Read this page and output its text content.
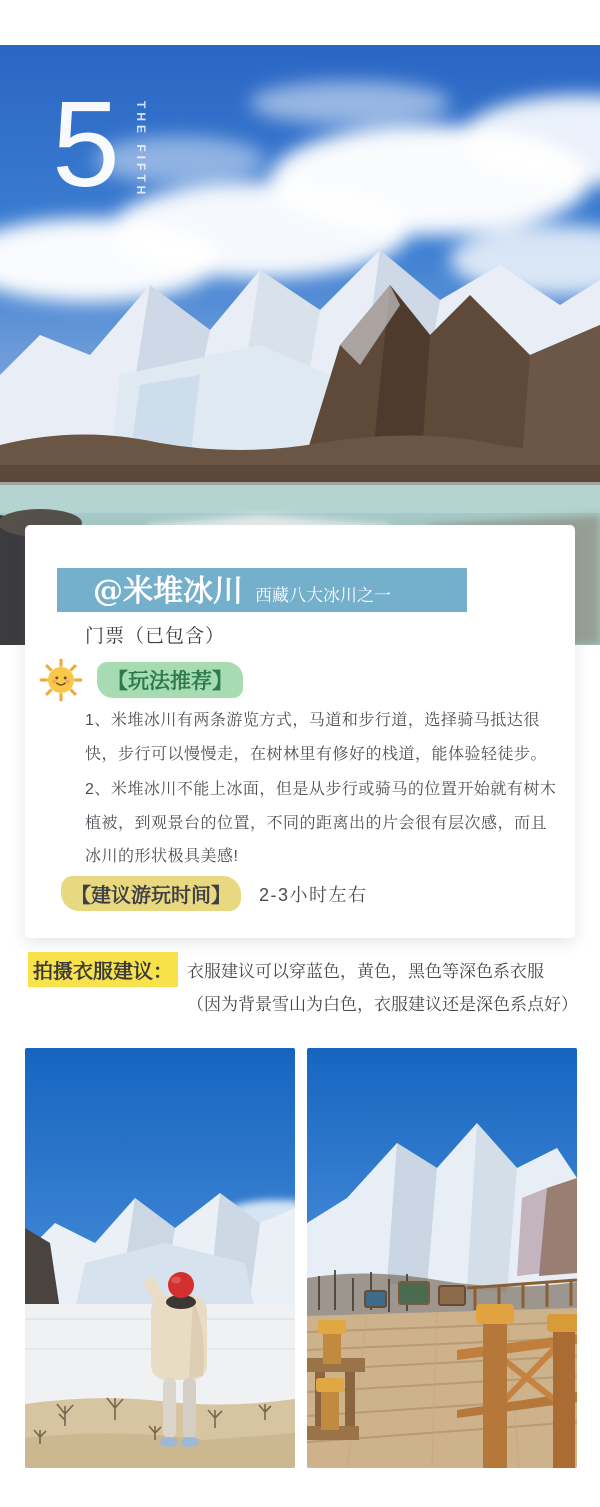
5 THE FIFTH
@米堆冰川 西藏八大冰川之一
门票（已包含）
【玩法推荐】

1、米堆冰川有两条游览方式，马道和步行道，选择骑马抵达很快，步行可以慢慢走，在树林里有修好的栈道，能体验轻徒步。

2、米堆冰川不能上冰面，但是从步行或骑马的位置开始就有树木植被，到观景台的位置，不同的距离出的片会很有层次感，而且冰川的形状极具美感!

【建议游玩时间】	2-3小时左右
拍摄衣服建议： 衣服建议可以穿蓝色，黄色，黑色等深色系衣服（因为背景雪山为白色，衣服建议还是深色系点好）
